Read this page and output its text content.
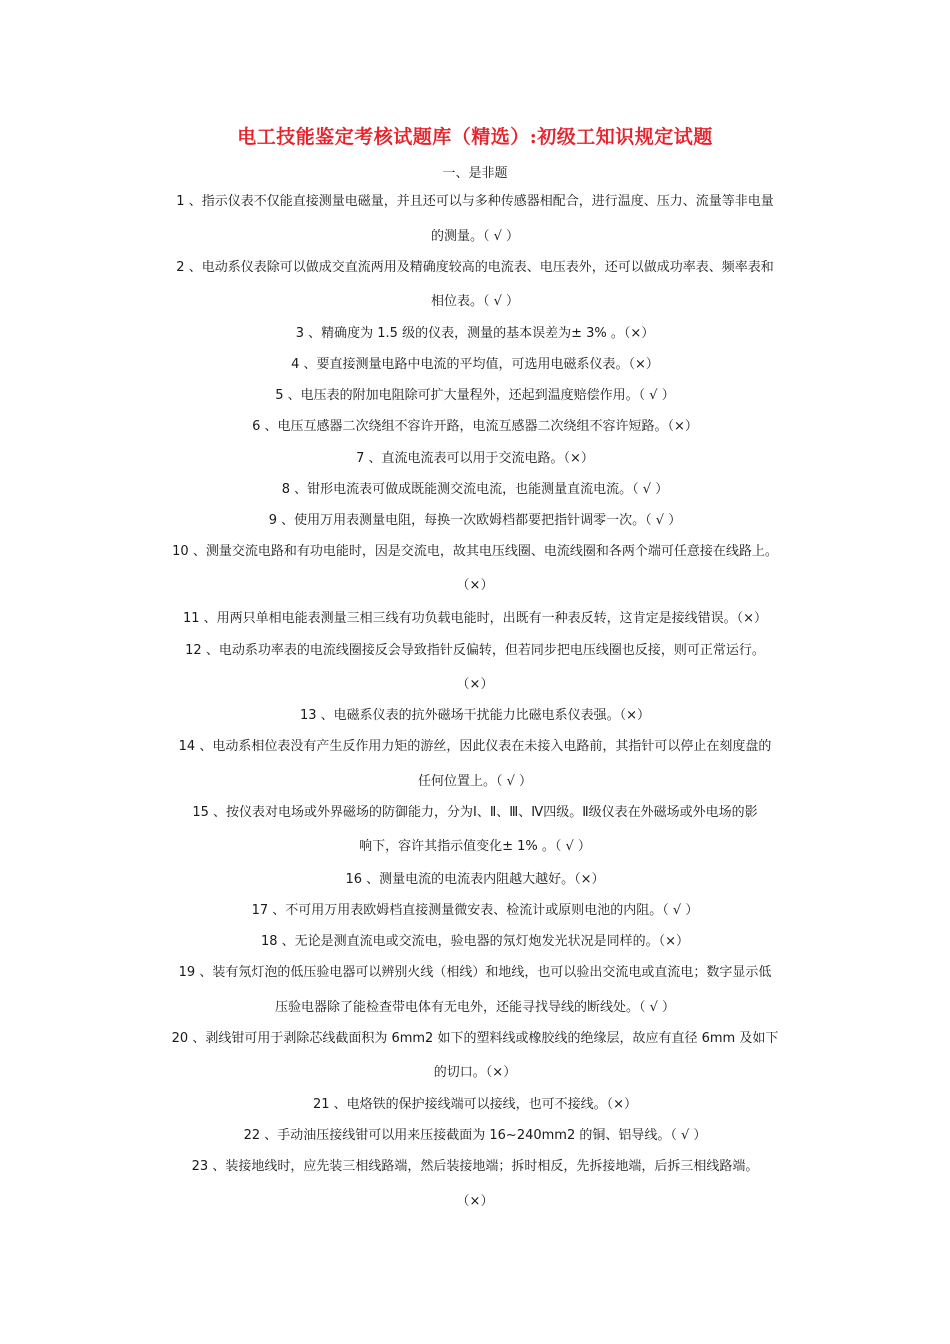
电工技能鉴定考核试题库（精选）:初级工知识规定试题
一、是非题
1 、指示仪表不仅能直接测量电磁量，并且还可以与多种传感器相配合，进行温度、压力、流量等非电量
的测量。（ √ ）
2 、电动系仪表除可以做成交直流两用及精确度较高的电流表、电压表外，还可以做成功率表、频率表和
相位表。（ √ ）
3 、精确度为 1.5 级的仪表，测量的基本误差为± 3% 。（×）
4 、要直接测量电路中电流的平均值，可选用电磁系仪表。（×）
5 、电压表的附加电阻除可扩大量程外，还起到温度赔偿作用。（ √ ）
6 、电压互感器二次绕组不容许开路，电流互感器二次绕组不容许短路。（×）
7 、直流电流表可以用于交流电路。（×）
8 、钳形电流表可做成既能测交流电流，也能测量直流电流。（ √ ）
9 、使用万用表测量电阻，每换一次欧姆档都要把指针调零一次。（ √ ）
10 、测量交流电路和有功电能时，因是交流电，故其电压线圈、电流线圈和各两个端可任意接在线路上。
（×）
11 、用两只单相电能表测量三相三线有功负载电能时，出既有一种表反转，这肯定是接线错误。（×）
12 、电动系功率表的电流线圈接反会导致指针反偏转，但若同步把电压线圈也反接，则可正常运行。
（×）
13 、电磁系仪表的抗外磁场干扰能力比磁电系仪表强。（×）
14 、电动系相位表没有产生反作用力矩的游丝，因此仪表在未接入电路前，其指针可以停止在刻度盘的
任何位置上。（ √ ）
15 、按仪表对电场或外界磁场的防御能力，分为Ⅰ、Ⅱ、Ⅲ、Ⅳ四级。Ⅱ级仪表在外磁场或外电场的影
响下，容许其指示值变化± 1% 。（ √ ）
16 、测量电流的电流表内阻越大越好。（×）
17 、不可用万用表欧姆档直接测量微安表、检流计或原则电池的内阻。（ √ ）
18 、无论是测直流电或交流电，验电器的氖灯炮发光状况是同样的。（×）
19 、装有氖灯泡的低压验电器可以辨别火线（相线）和地线，也可以验出交流电或直流电；数字显示低
压验电器除了能检查带电体有无电外，还能寻找导线的断线处。（ √ ）
20 、剥线钳可用于剥除芯线截面积为 6mm2 如下的塑料线或橡胶线的绝缘层，故应有直径 6mm 及如下
的切口。（×）
21 、电烙铁的保护接线端可以接线，也可不接线。（×）
22 、手动油压接线钳可以用来压接截面为 16~240mm2 的铜、铝导线。（ √ ）
23 、装接地线时，应先装三相线路端，然后装接地端；拆时相反，先拆接地端，后拆三相线路端。
（×）
